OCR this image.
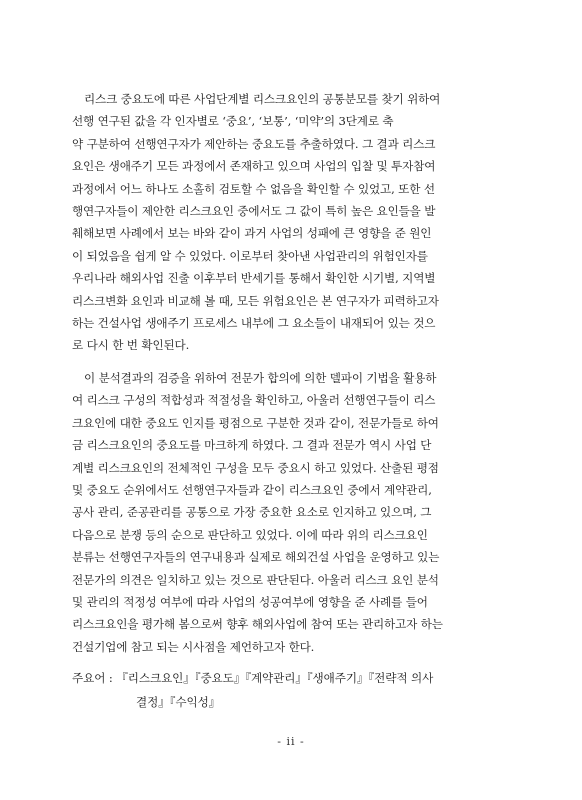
리스크 중요도에 따른 사업단계별 리스크요인의 공통분모를 찾기 위하여
선행 연구된 값을 각 인자별로 ‘중요’, ‘보통’, ‘미약’의 3단계로 축
약 구분하여 선행연구자가 제안하는 중요도를 추출하였다. 그 결과 리스크
요인은 생애주기 모든 과정에서 존재하고 있으며 사업의 입찰 및 투자참여
과정에서 어느 하나도 소홀히 검토할 수 없음을 확인할 수 있었고, 또한 선
행연구자들이 제안한 리스크요인 중에서도 그 값이 특히 높은 요인들을 발
췌해보면 사례에서 보는 바와 같이 과거 사업의 성패에 큰 영향을 준 원인
이 되었음을 쉽게 알 수 있었다. 이로부터 찾아낸 사업관리의 위험인자를
우리나라 해외사업 진출 이후부터 반세기를 통해서 확인한 시기별, 지역별
리스크변화 요인과 비교해 볼 때, 모든 위험요인은 본 연구자가 피력하고자
하는 건설사업 생애주기 프로세스 내부에 그 요소들이 내재되어 있는 것으
로 다시 한 번 확인된다.

이 분석결과의 검증을 위하여 전문가 합의에 의한 델파이 기법을 활용하
여 리스크 구성의 적합성과 적절성을 확인하고, 아울러 선행연구들이 리스
크요인에 대한 중요도 인지를 평점으로 구분한 것과 같이, 전문가들로 하여
금 리스크요인의 중요도를 마크하게 하였다. 그 결과 전문가 역시 사업 단
계별 리스크요인의 전체적인 구성을 모두 중요시 하고 있었다. 산출된 평점
및 중요도 순위에서도 선행연구자들과 같이 리스크요인 중에서 계약관리,
공사 관리, 준공관리를 공통으로 가장 중요한 요소로 인지하고 있으며, 그
다음으로 분쟁 등의 순으로 판단하고 있었다. 이에 따라 위의 리스크요인
분류는 선행연구자들의 연구내용과 실제로 해외건설 사업을 운영하고 있는
전문가의 의견은 일치하고 있는 것으로 판단된다. 아울러 리스크 요인 분석
및 관리의 적정성 여부에 따라 사업의 성공여부에 영향을 준 사례를 들어
리스크요인을 평가해 봄으로써 향후 해외사업에 참여 또는 관리하고자 하는
건설기업에 참고 되는 시사점을 제언하고자 한다.

주요어 : 『리스크요인』『중요도』『계약관리』『생애주기』『전략적 의사
결정』『수익성』
- ii -
